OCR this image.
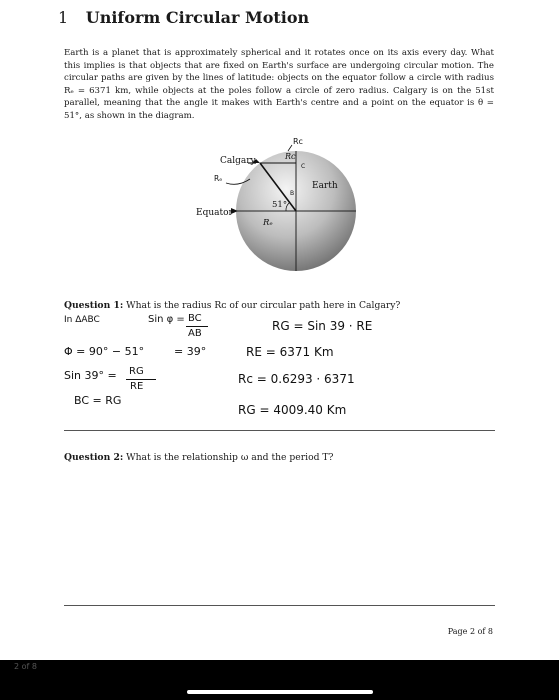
1 Uniform Circular Motion
Earth is a planet that is approximately spherical and it rotates once on its axis every day. What this implies is that objects that are fixed on Earth's surface are undergoing circular motion. The circular paths are given by the lines of latitude: objects on the equator follow a circle with radius Rₑ = 6371 km, while objects at the poles follow a circle of zero radius. Calgary is on the 51st parallel, meaning that the angle it makes with Earth's centre and a point on the equator is θ = 51°, as shown in the diagram.
Calgary
Earth
Equator
51°
Rₑ
Rᴄ
Rc
Rₑ
C
B
Question 1: What is the radius Rᴄ of our circular path here in Calgary?
In ΔABC	Sin φ = BC
AB
Φ = 90° − 51°	= 39°
Sin 39° = RG
RE
BC = RG
RG = Sin 39 · RE
RE = 6371 Km
Rc = 0.6293 · 6371
RG = 4009.40 Km
Question 2: What is the relationship ω and the period T?
Page 2 of 8
2 of 8
